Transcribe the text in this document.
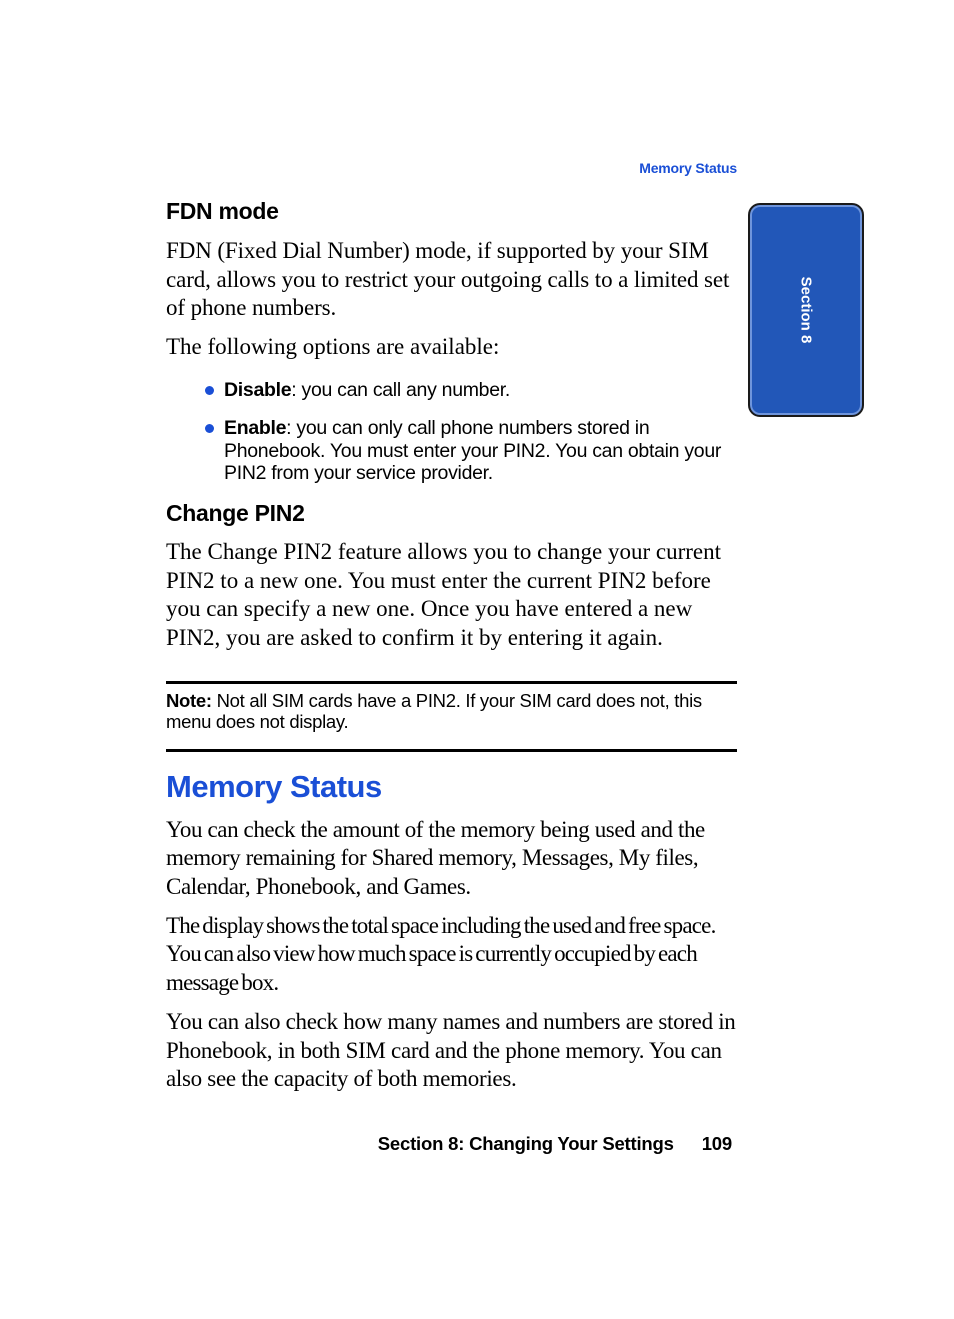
Memory Status
Section 8
FDN mode

FDN (Fixed Dial Number) mode, if supported by your SIM card, allows you to restrict your outgoing calls to a limited set of phone numbers.

The following options are available:

Disable: you can call any number.
Enable: you can only call phone numbers stored in Phonebook. You must enter your PIN2. You can obtain your PIN2 from your service provider.
Change PIN2

The Change PIN2 feature allows you to change your current PIN2 to a new one. You must enter the current PIN2 before you can specify a new one. Once you have entered a new PIN2, you are asked to confirm it by entering it again.

Note: Not all SIM cards have a PIN2. If your SIM card does not, this menu does not display.
Memory Status

You can check the amount of the memory being used and the memory remaining for Shared memory, Messages, My files, Calendar, Phonebook, and Games.

The display shows the total space including the used and free space. You can also view how much space is currently occupied by each message box.

You can also check how many names and numbers are stored in Phonebook, in both SIM card and the phone memory. You can also see the capacity of both memories.

Section 8: Changing Your Settings 109
